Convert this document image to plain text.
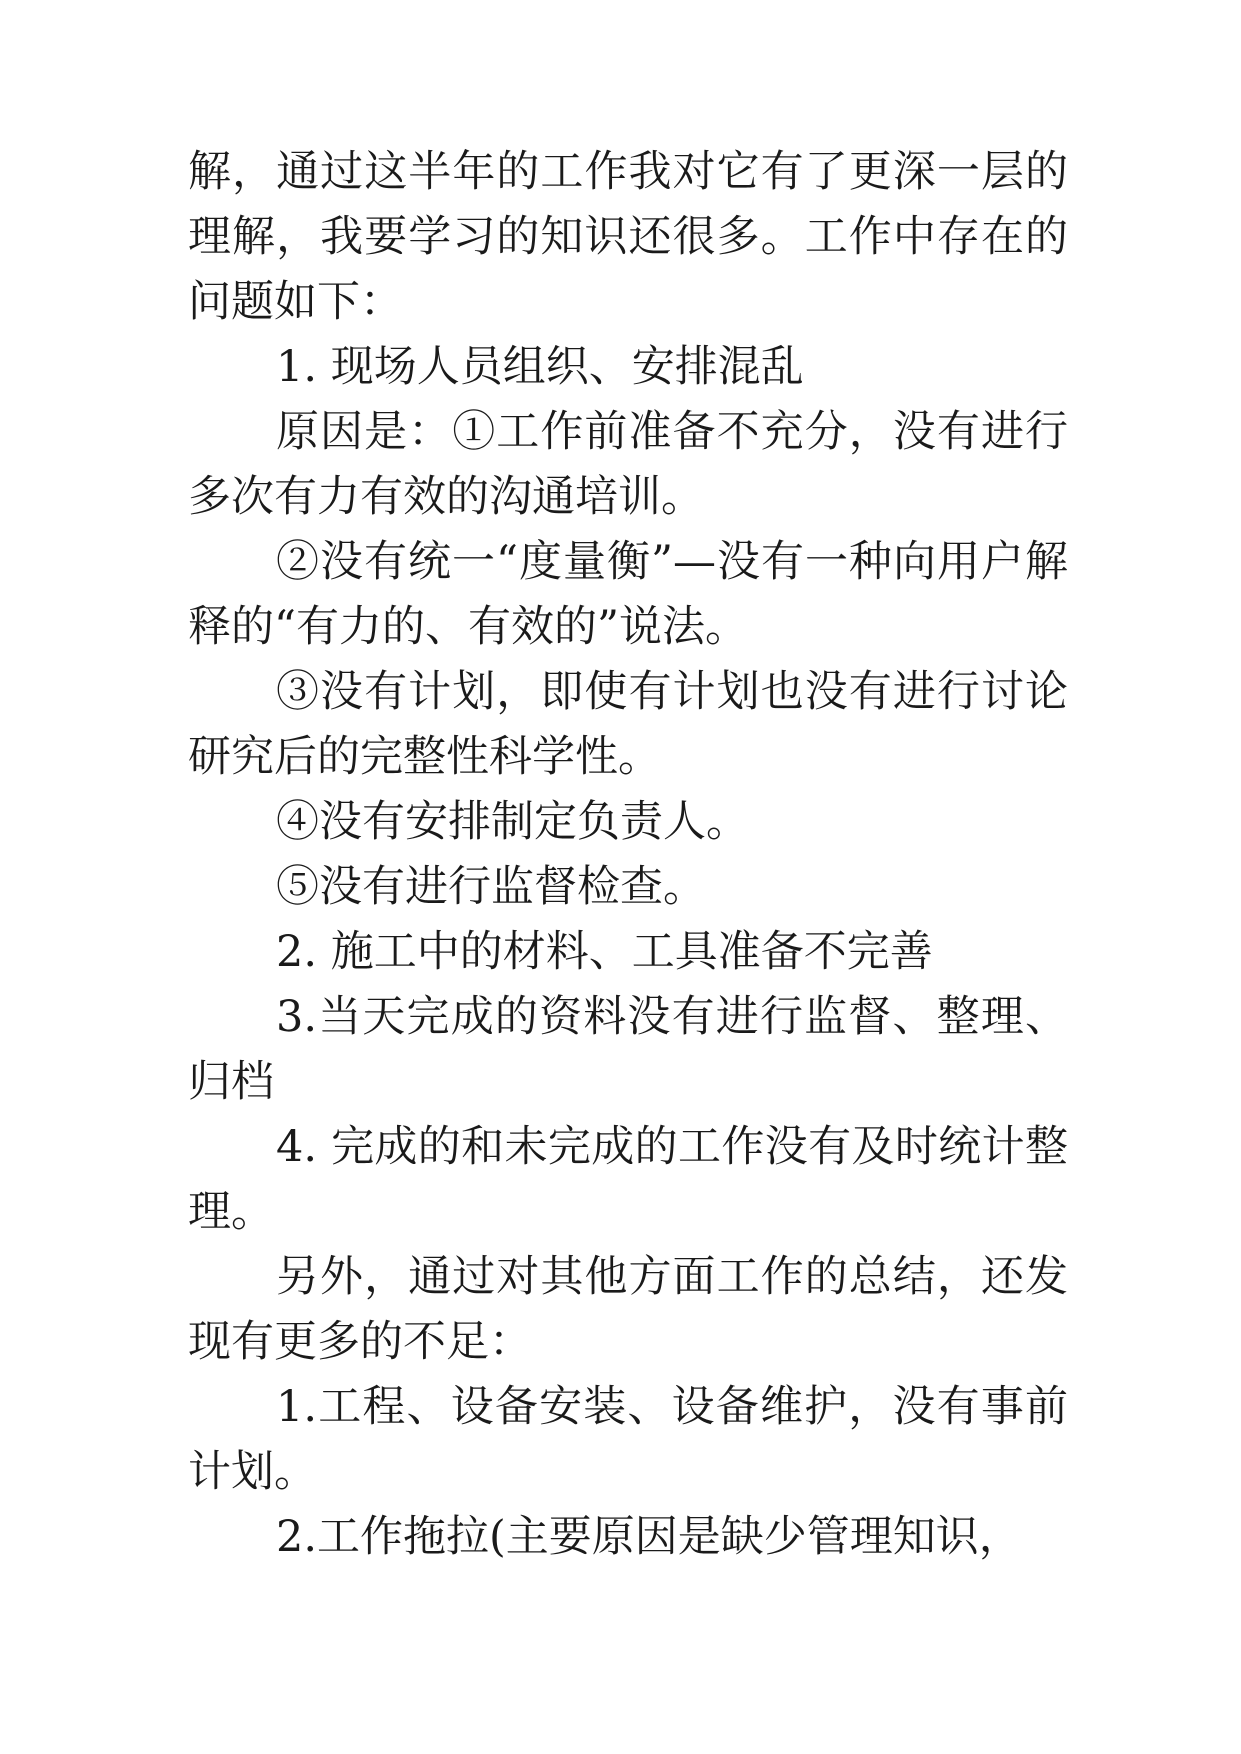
解，通过这半年的工作我对它有了更深一层的理解，我要学习的知识还很多。工作中存在的问题如下：

1. 现场人员组织、安排混乱

原因是：①工作前准备不充分，没有进行多次有力有效的沟通培训。

②没有统一“度量衡”—没有一种向用户解释的“有力的、有效的”说法。

③没有计划，即使有计划也没有进行讨论研究后的完整性科学性。

④没有安排制定负责人。

⑤没有进行监督检查。

2. 施工中的材料、工具准备不完善

3.当天完成的资料没有进行监督、整理、归档

4. 完成的和未完成的工作没有及时统计整理。

另外，通过对其他方面工作的总结，还发现有更多的不足：

1.工程、设备安装、设备维护，没有事前计划。

2.工作拖拉(主要原因是缺少管理知识，
